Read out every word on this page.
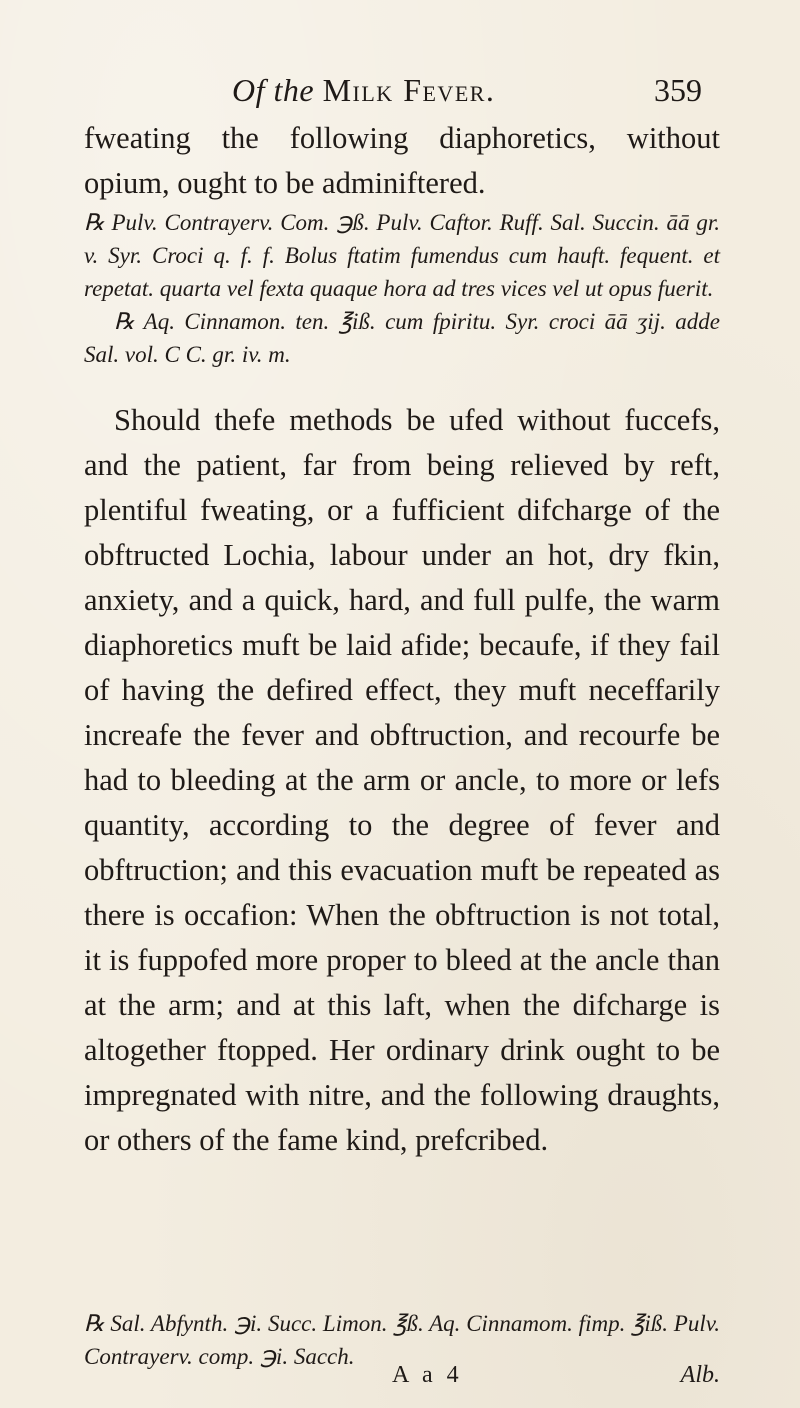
Of the Milk Fever.	359

fweating the following diaphoretics, without opium, ought to be adminiftered.

℞ Pulv. Contrayerv. Com. ℈ß. Pulv. Caftor. Ruff. Sal. Succin. āā gr. v. Syr. Croci q. f. f. Bolus ftatim fumendus cum hauft. fequent. et repetat. quarta vel fexta quaque hora ad tres vices vel ut opus fuerit.

℞ Aq. Cinnamon. ten. ℥iß. cum fpiritu. Syr. croci āā ʒij. adde Sal. vol. C C. gr. iv. m.

Should thefe methods be ufed without fuccefs, and the patient, far from being relieved by reft, plentiful fweating, or a fufficient difcharge of the obftructed Lochia, labour under an hot, dry fkin, anxiety, and a quick, hard, and full pulfe, the warm diaphoretics muft be laid afide; becaufe, if they fail of having the defired effect, they muft neceffarily increafe the fever and obftruction, and recourfe be had to bleeding at the arm or ancle, to more or lefs quantity, according to the degree of fever and obftruction; and this evacuation muft be repeated as there is occafion: When the obftruction is not total, it is fuppofed more proper to bleed at the ancle than at the arm; and at this laft, when the difcharge is altogether ftopped. Her ordinary drink ought to be impregnated with nitre, and the following draughts, or others of the fame kind, prefcribed.

℞ Sal. Abfynth. ℈i. Succ. Limon. ℥ß. Aq. Cinnamom. fimp. ℥iß. Pulv. Contrayerv. comp. ℈i. Sacch.

A a 4	Alb.
